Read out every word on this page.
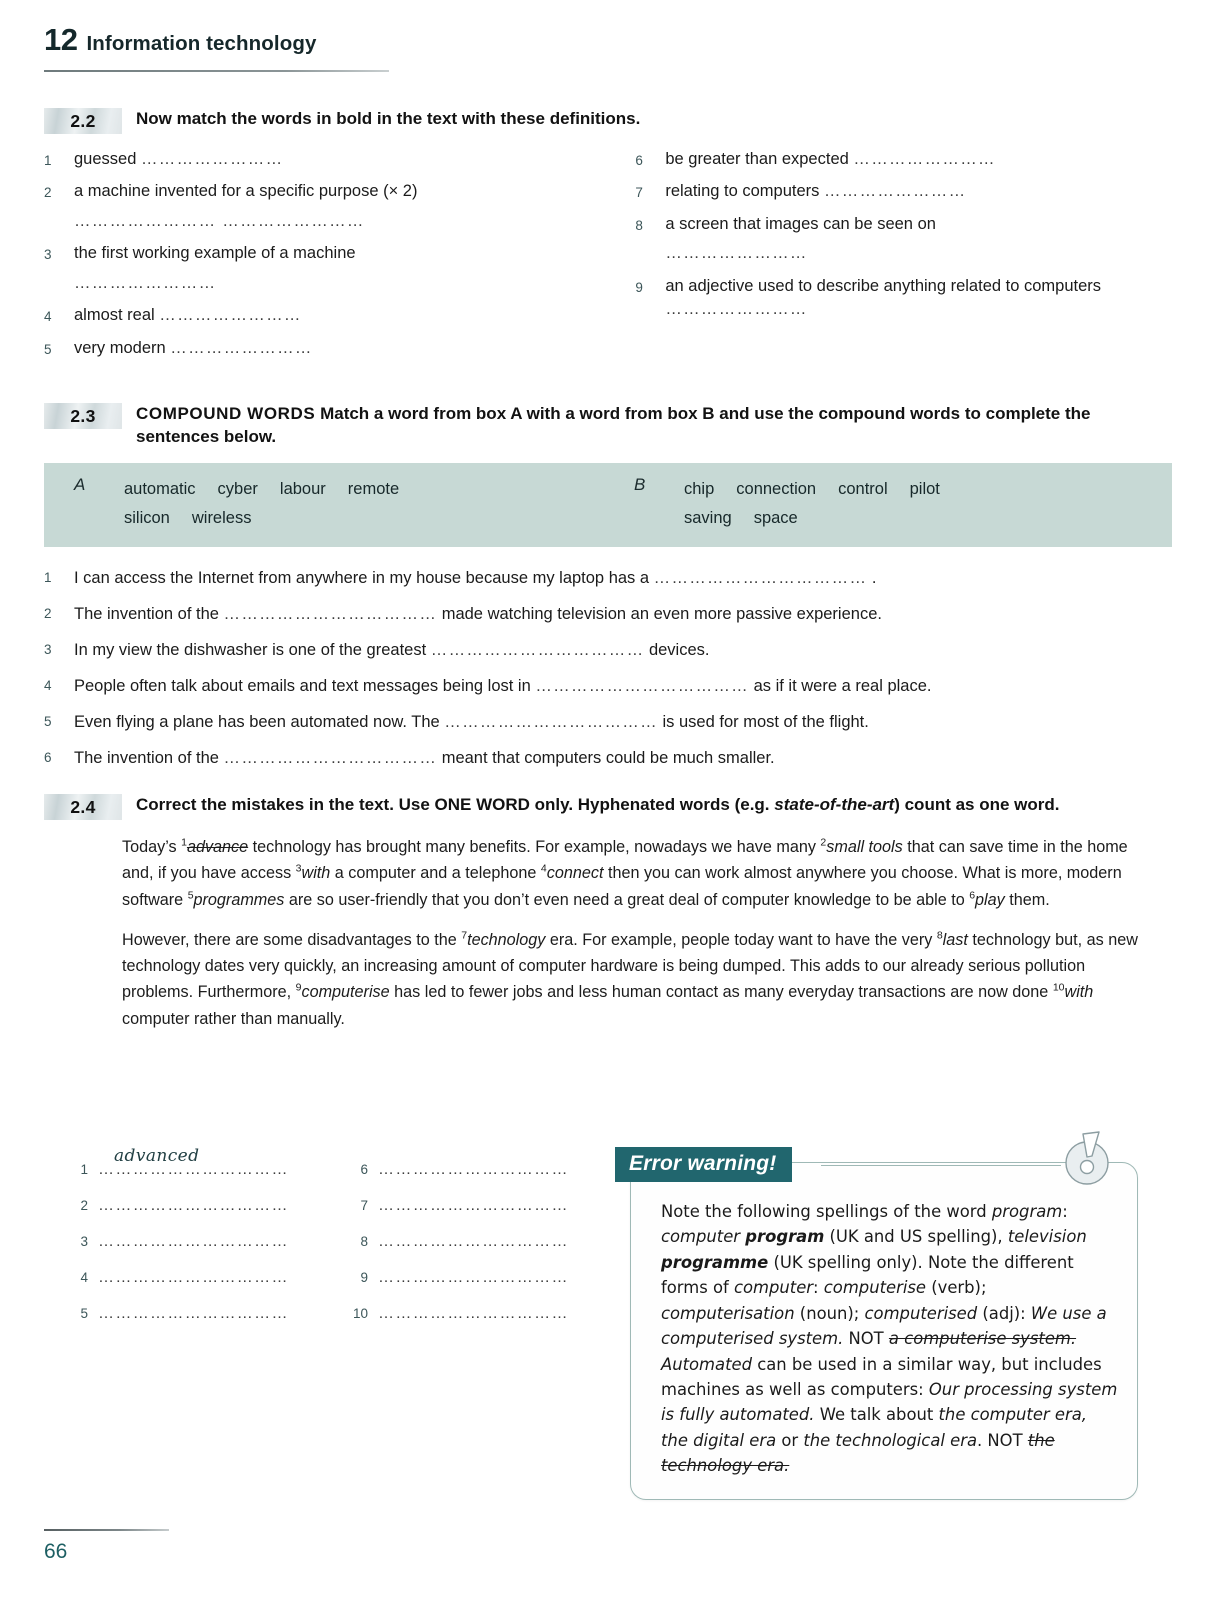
12 Information technology
2.2	Now match the words in bold in the text with these definitions.
1	guessed ……………………
2	a machine invented for a specific purpose (× 2)
…………………… ……………………
3	the first working example of a machine
……………………
4	almost real ……………………
5	very modern ……………………
6	be greater than expected ……………………
7	relating to computers ……………………
8	a screen that images can be seen on
……………………
9	an adjective used to describe anything related to computers ……………………
2.3	COMPOUND WORDS Match a word from box A with a word from box B and use the compound words to complete the sentences below.
A	automatic cyber labour remote
silicon wireless
B	chip connection control pilot
saving space
1	I can access the Internet from anywhere in my house because my laptop has a ……………………………… .
2	The invention of the ……………………………… made watching television an even more passive experience.
3	In my view the dishwasher is one of the greatest ……………………………… devices.
4	People often talk about emails and text messages being lost in ……………………………… as if it were a real place.
5	Even flying a plane has been automated now. The ……………………………… is used for most of the flight.
6	The invention of the ……………………………… meant that computers could be much smaller.
2.4	Correct the mistakes in the text. Use ONE WORD only. Hyphenated words (e.g. state-of-the-art) count as one word.

Today’s $^1$advance technology has brought many benefits. For example, nowadays we have many $^2$small tools that can save time in the home and, if you have access $^3$with a computer and a telephone $^4$connect then you can work almost anywhere you choose. What is more, modern software $^5$programmes are so user-friendly that you don’t even need a great deal of computer knowledge to be able to $^6$play them.

However, there are some disadvantages to the $^7$technology era. For example, people today want to have the very $^8$last technology but, as new technology dates very quickly, an increasing amount of computer hardware is being dumped. This adds to our already serious pollution problems. Furthermore, $^9$computerise has led to fewer jobs and less human contact as many everyday transactions are now done $^{10}$with computer rather than manually.

1 ……………………………
advanced
2 ……………………………
3 ……………………………
4 ……………………………
5 ……………………………
6 ……………………………
7 ……………………………
8 ……………………………
9 ……………………………
10 ……………………………
Error warning!
Note the following spellings of the word program: computer program (UK and US spelling), television programme (UK spelling only). Note the different forms of computer: computerise (verb); computerisation (noun); computerised (adj): We use a computerised system. NOT a computerise system. Automated can be used in a similar way, but includes machines as well as computers: Our processing system is fully automated. We talk about the computer era, the digital era or the technological era. NOT the technology era.
66
